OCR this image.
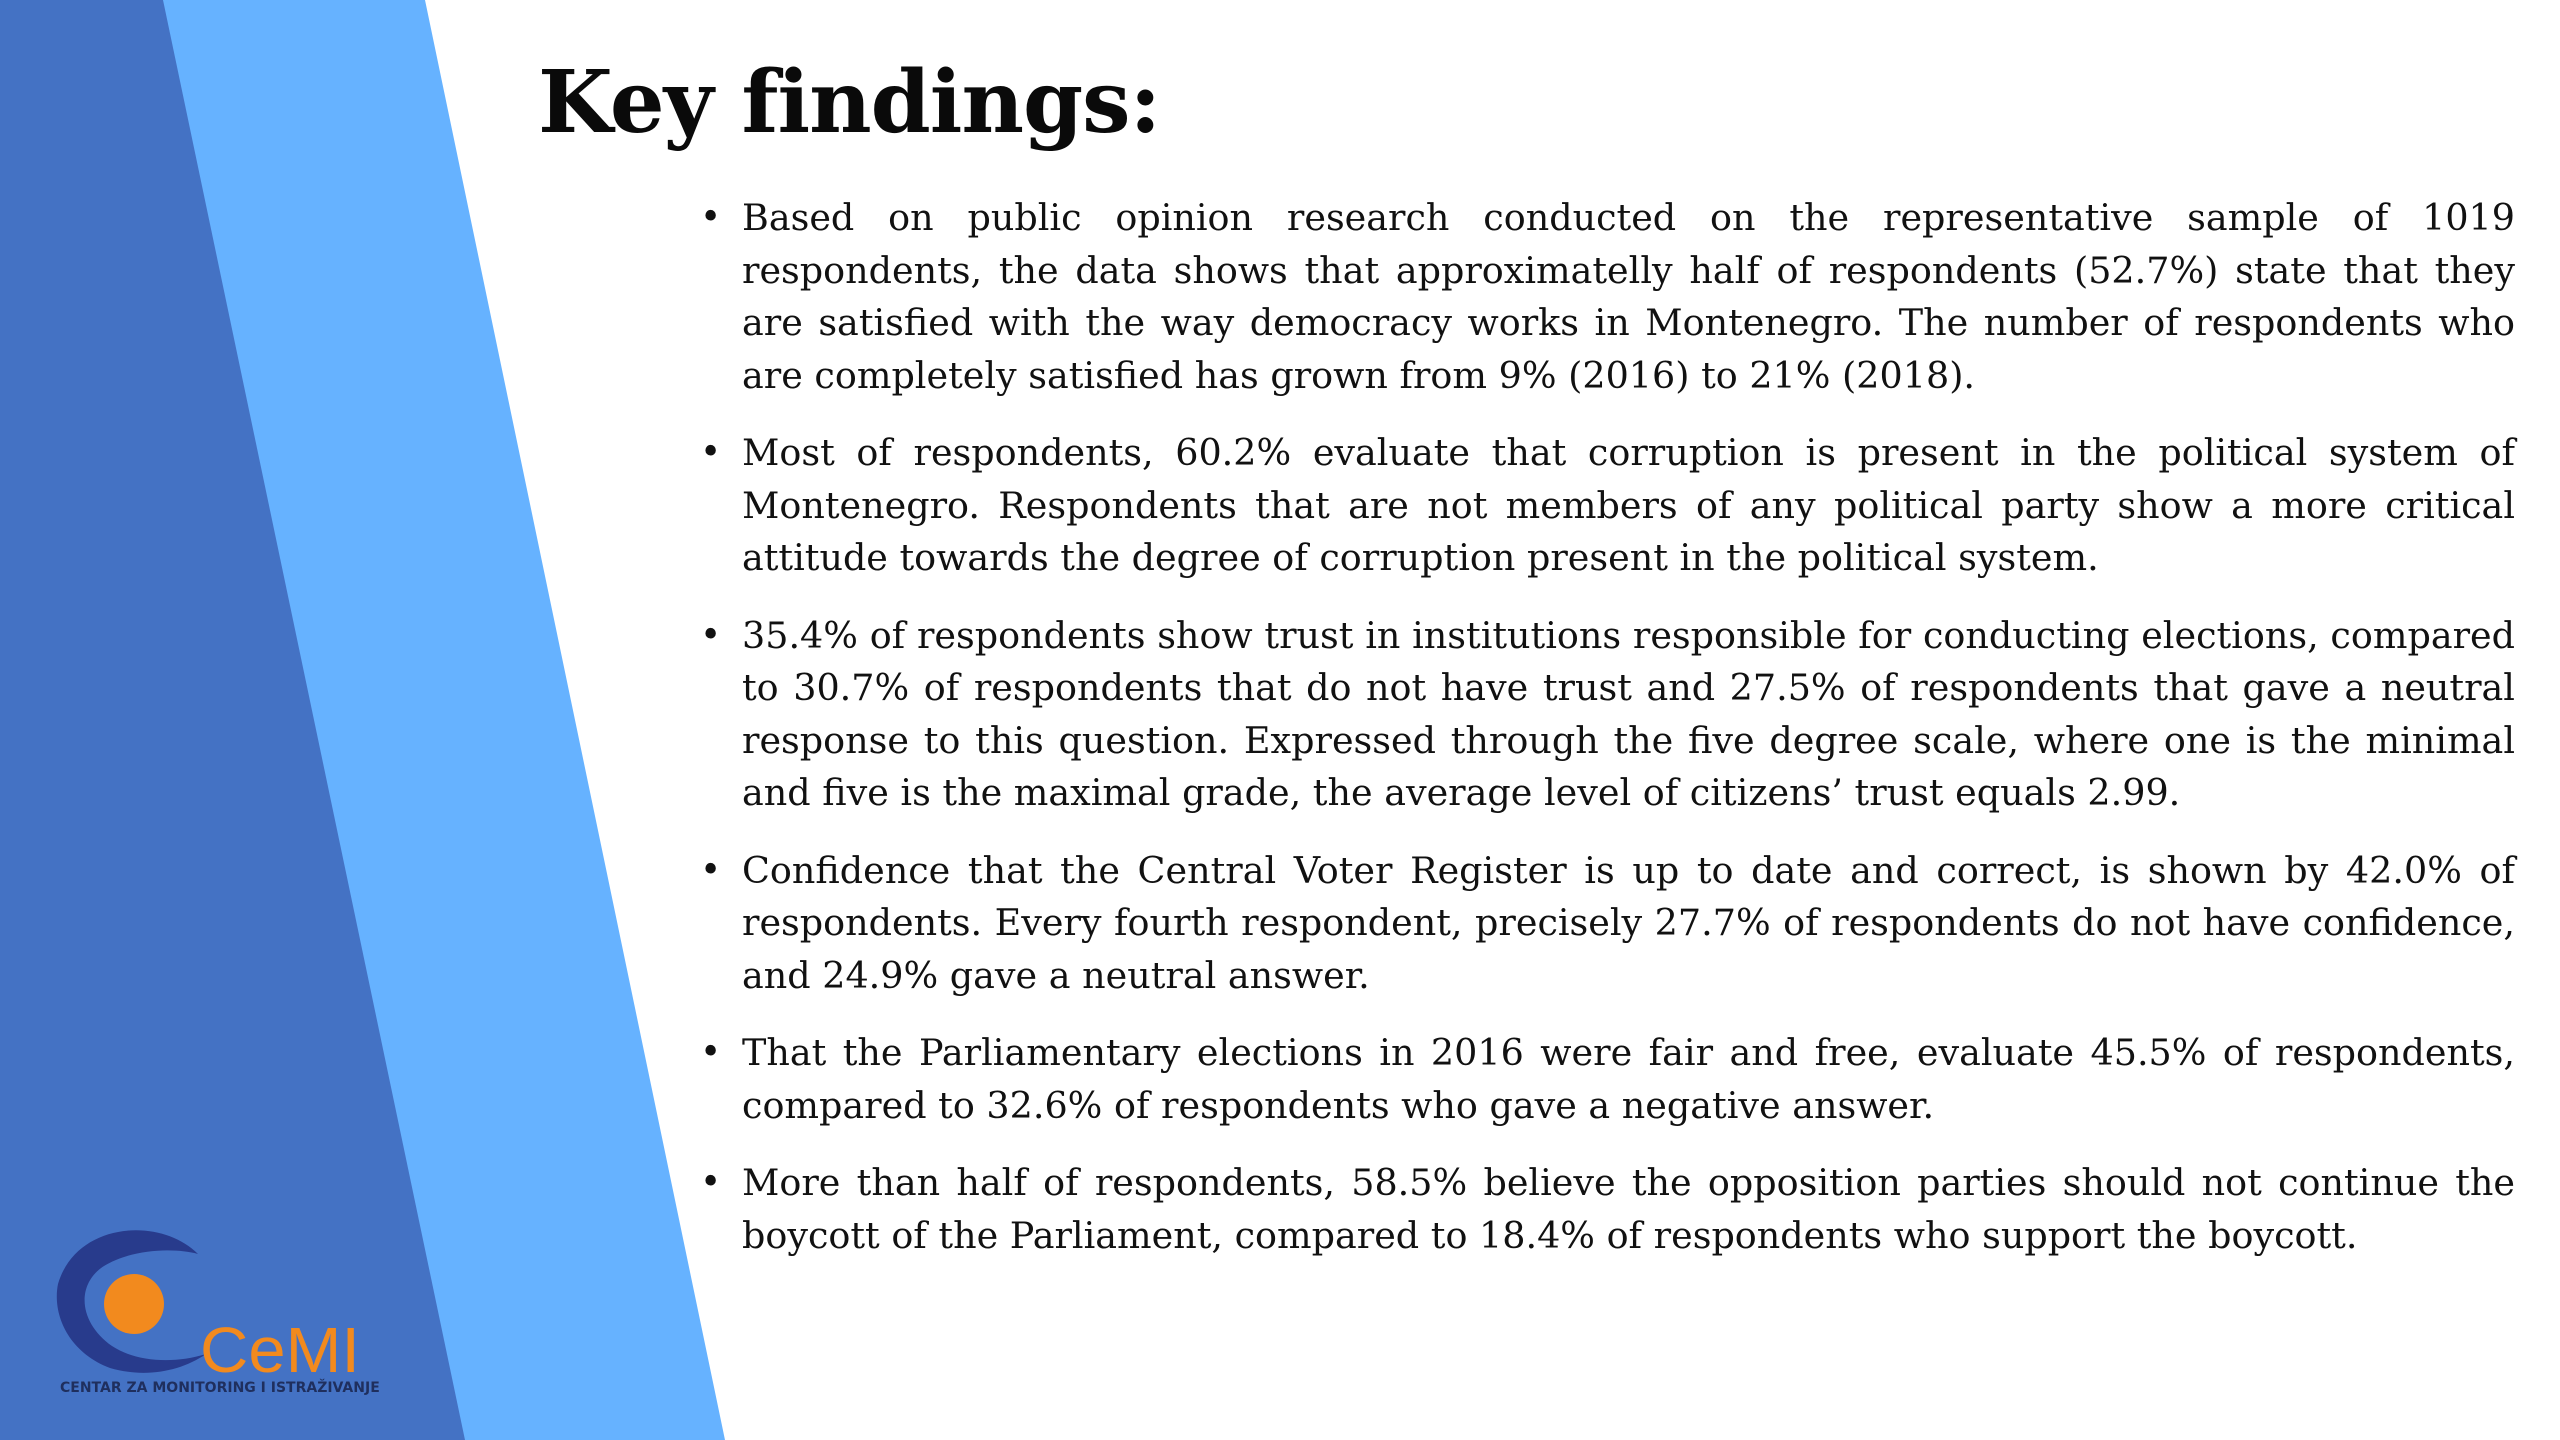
Key findings:
• Based on public opinion research conducted on the representative sample of 1019 respondents, the data shows that approximatelly half of respondents (52.7%) state that they are satisfied with the way democracy works in Montenegro. The number of respondents who are completely satisfied has grown from 9% (2016) to 21% (2018).
• Most of respondents, 60.2% evaluate that corruption is present in the political system of Montenegro. Respondents that are not members of any political party show a more critical attitude towards the degree of corruption present in the political system.
• 35.4% of respondents show trust in institutions responsible for conducting elections, compared to 30.7% of respondents that do not have trust and 27.5% of respondents that gave a neutral response to this question. Expressed through the five degree scale, where one is the minimal and five is the maximal grade, the average level of citizens’ trust equals 2.99.
• Confidence that the Central Voter Register is up to date and correct, is shown by 42.0% of respondents. Every fourth respondent, precisely 27.7% of respondents do not have confidence, and 24.9% gave a neutral answer.
• That the Parliamentary elections in 2016 were fair and free, evaluate 45.5% of respondents, compared to 32.6% of respondents who gave a negative answer.
• More than half of respondents, 58.5% believe the opposition parties should not continue the boycott of the Parliament, compared to 18.4% of respondents who support the boycott.
CeMI
CENTAR ZA MONITORING I ISTRAŽIVANJE
